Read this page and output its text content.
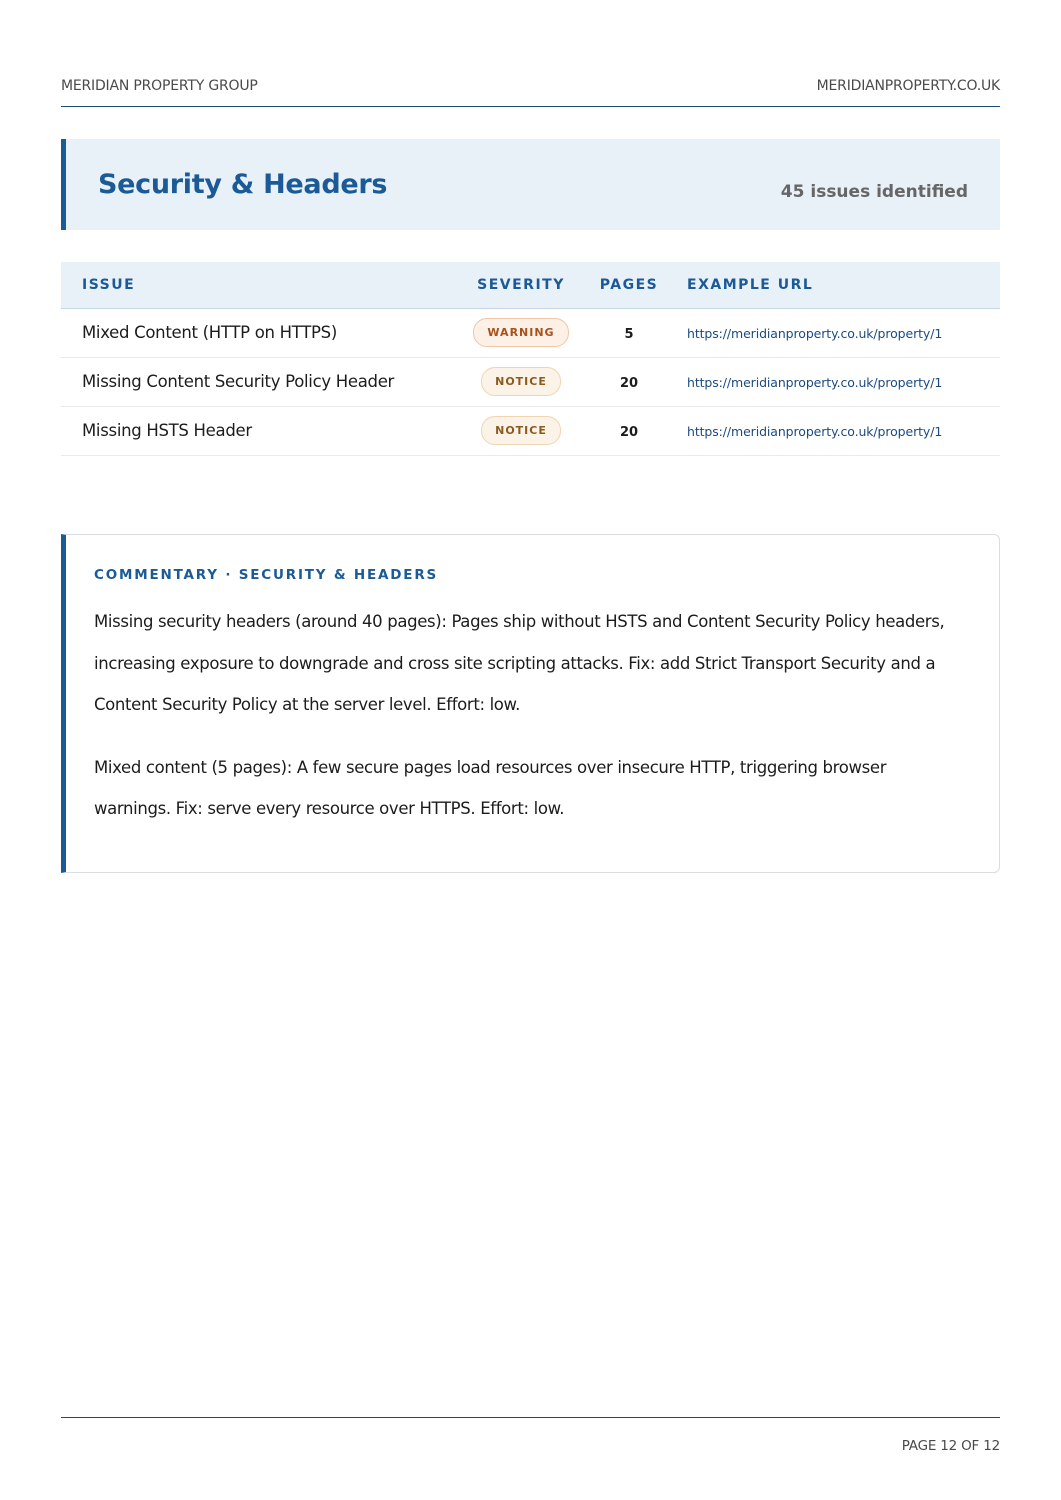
MERIDIAN PROPERTY GROUP	MERIDIANPROPERTY.CO.UK
Security & Headers	45 issues identified
ISSUE	SEVERITY	PAGES	EXAMPLE URL
Mixed Content (HTTP on HTTPS)	WARNING	5	https://meridianproperty.co.uk/property/1
Missing Content Security Policy Header	NOTICE	20	https://meridianproperty.co.uk/property/1
Missing HSTS Header	NOTICE	20	https://meridianproperty.co.uk/property/1
COMMENTARY · SECURITY & HEADERS

Missing security headers (around 40 pages): Pages ship without HSTS and Content Security Policy headers, increasing exposure to downgrade and cross site scripting attacks. Fix: add Strict Transport Security and a Content Security Policy at the server level. Effort: low.

Mixed content (5 pages): A few secure pages load resources over insecure HTTP, triggering browser warnings. Fix: serve every resource over HTTPS. Effort: low.

PAGE 12 OF 12
